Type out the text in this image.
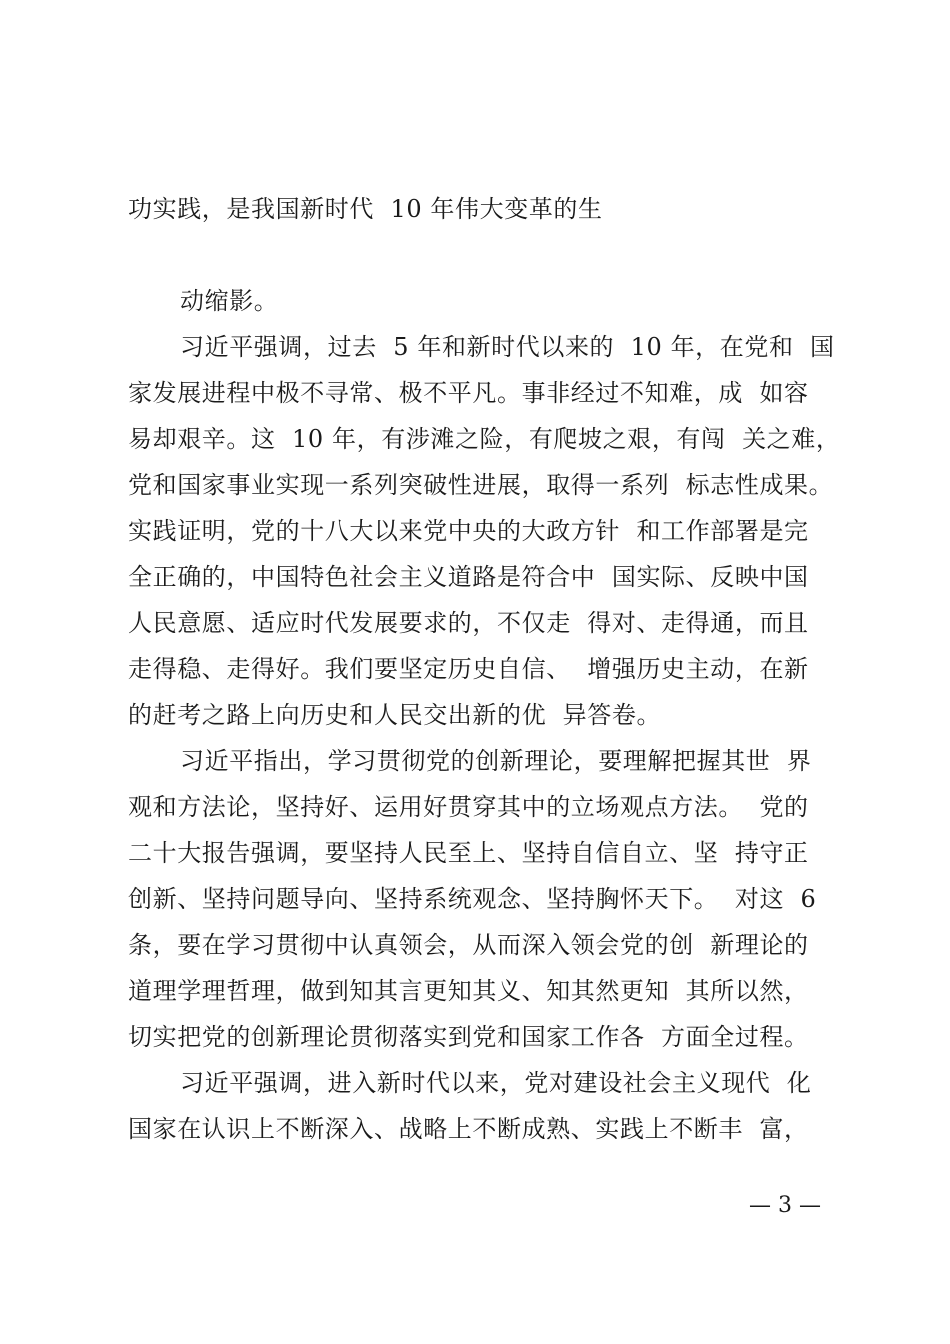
功实践，是我国新时代  10 年伟大变革的生
动缩影。
习近平强调，过去  5 年和新时代以来的  10 年，在党和  国
家发展进程中极不寻常、极不平凡。事非经过不知难，成  如容
易却艰辛。这  10 年，有涉滩之险，有爬坡之艰，有闯  关之难，
党和国家事业实现一系列突破性进展，取得一系列  标志性成果。
实践证明，党的十八大以来党中央的大政方针  和工作部署是完
全正确的，中国特色社会主义道路是符合中  国实际、反映中国
人民意愿、适应时代发展要求的，不仅走  得对、走得通，而且
走得稳、走得好。我们要坚定历史自信、  增强历史主动，在新
的赶考之路上向历史和人民交出新的优  异答卷。
习近平指出，学习贯彻党的创新理论，要理解把握其世  界
观和方法论，坚持好、运用好贯穿其中的立场观点方法。  党的
二十大报告强调，要坚持人民至上、坚持自信自立、坚  持守正
创新、坚持问题导向、坚持系统观念、坚持胸怀天下。  对这  6
条，要在学习贯彻中认真领会，从而深入领会党的创  新理论的
道理学理哲理，做到知其言更知其义、知其然更知  其所以然，
切实把党的创新理论贯彻落实到党和国家工作各  方面全过程。
习近平强调，进入新时代以来，党对建设社会主义现代  化
国家在认识上不断深入、战略上不断成熟、实践上不断丰  富，
— 3 —
